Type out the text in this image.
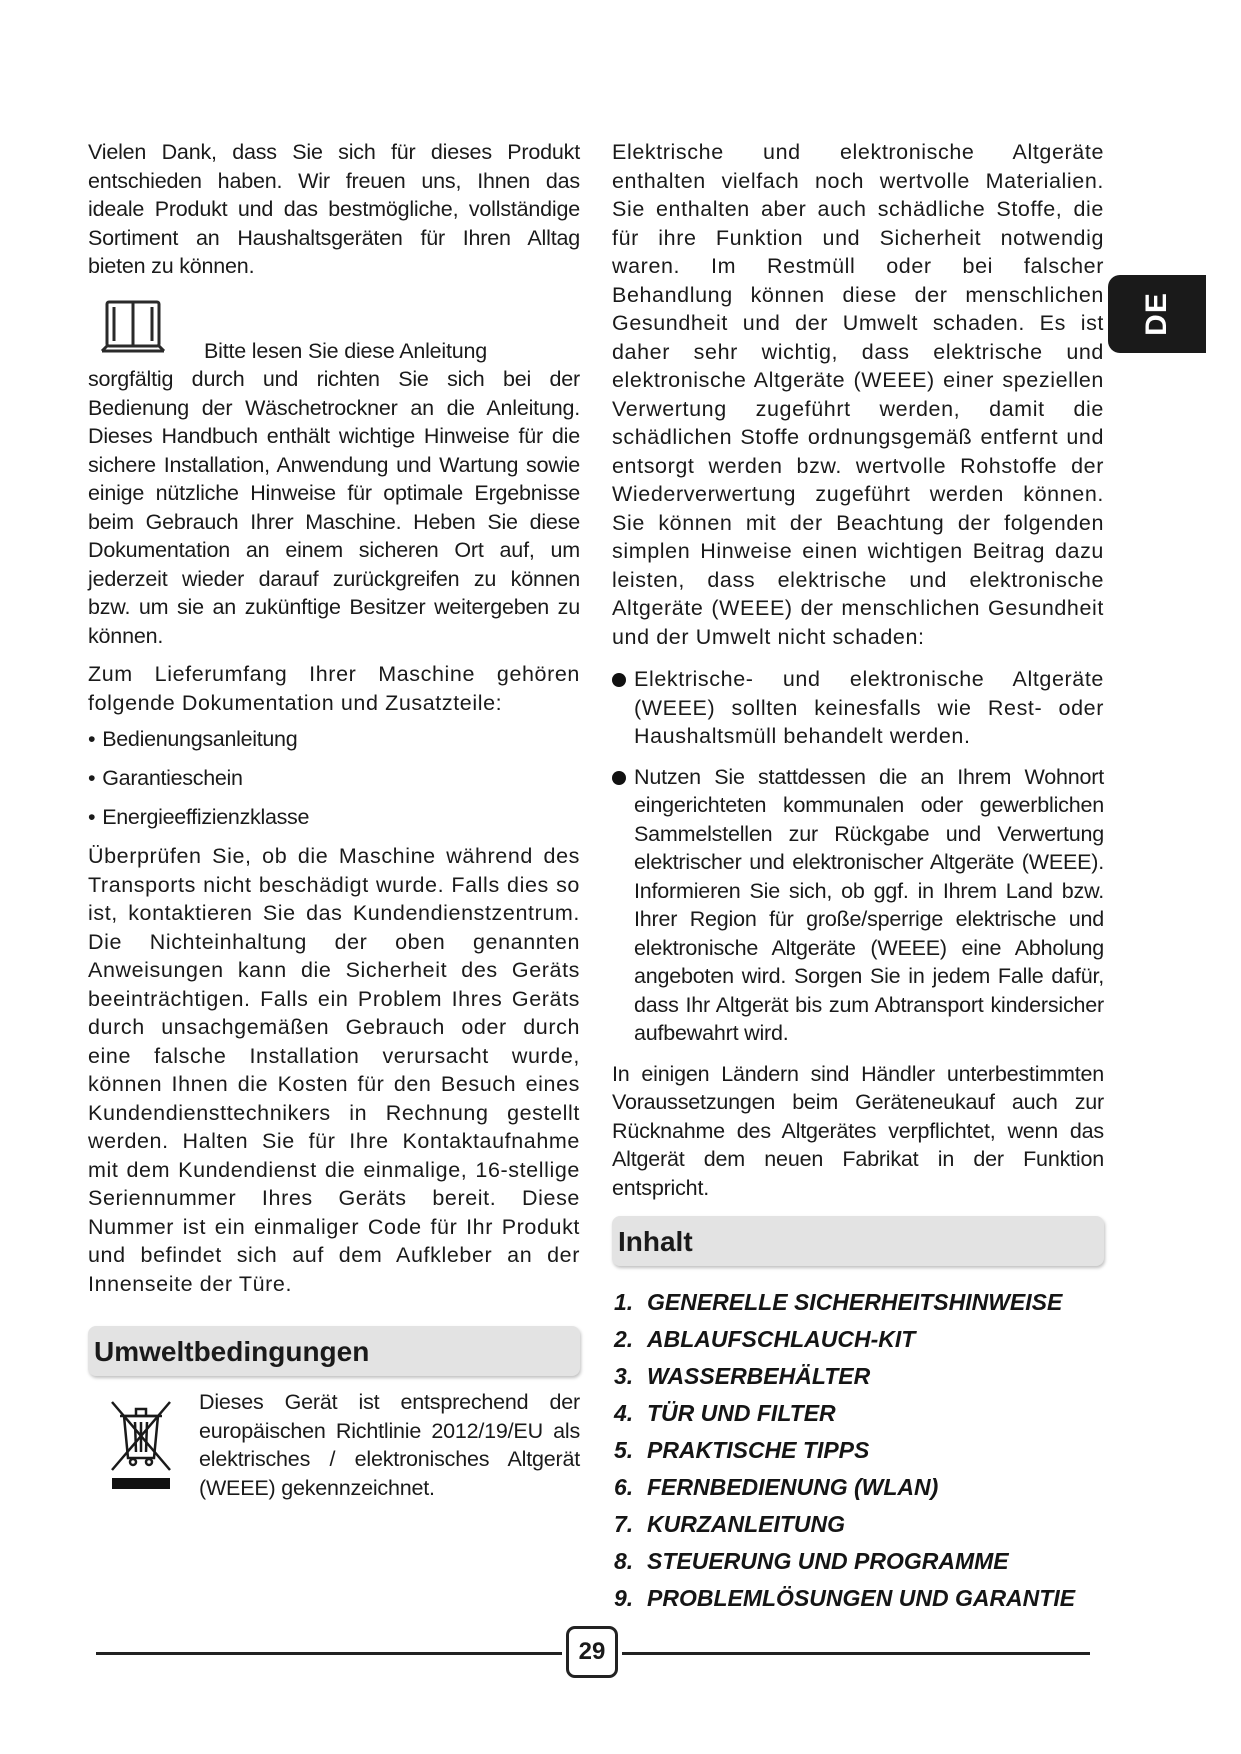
Vielen Dank, dass Sie sich für dieses Produkt entschieden haben. Wir freuen uns, Ihnen das ideale Produkt und das bestmögliche, vollständige Sortiment an Haushaltsgeräten für Ihren Alltag bieten zu können.

Bitte lesen Sie diese Anleitung

sorgfältig durch und richten Sie sich bei der Bedienung der Wäschetrockner an die Anleitung. Dieses Handbuch enthält wichtige Hinweise für die sichere Installation, Anwendung und Wartung sowie einige nützliche Hinweise für optimale Ergebnisse beim Gebrauch Ihrer Maschine. Heben Sie diese Dokumentation an einem sicheren Ort auf, um jederzeit wieder darauf zurückgreifen zu können bzw. um sie an zukünftige Besitzer weitergeben zu können.

Zum Lieferumfang Ihrer Maschine gehören folgende Dokumentation und Zusatzteile:

• Bedienungsanleitung
• Garantieschein
• Energieeffizienzklasse

Überprüfen Sie, ob die Maschine während des Transports nicht beschädigt wurde. Falls dies so ist, kontaktieren Sie das Kundendienstzentrum. Die Nichteinhaltung der oben genannten Anweisungen kann die Sicherheit des Geräts beeinträchtigen. Falls ein Problem Ihres Geräts durch unsachgemäßen Gebrauch oder durch eine falsche Installation verursacht wurde, können Ihnen die Kosten für den Besuch eines Kundendiensttechnikers in Rechnung gestellt werden. Halten Sie für Ihre Kontaktaufnahme mit dem Kundendienst die einmalige, 16-stellige Seriennummer Ihres Geräts bereit. Diese Nummer ist ein einmaliger Code für Ihr Produkt und befindet sich auf dem Aufkleber an der Innenseite der Türe.

Umweltbedingungen

Dieses Gerät ist entsprechend der europäischen Richtlinie 2012/19/EU als elektrisches / elektronisches Altgerät (WEEE) gekennzeichnet.

Elektrische und elektronische Altgeräte enthalten vielfach noch wertvolle Materialien. Sie enthalten aber auch schädliche Stoffe, die für ihre Funktion und Sicherheit notwendig waren. Im Restmüll oder bei falscher Behandlung können diese der menschlichen Gesundheit und der Umwelt schaden. Es ist daher sehr wichtig, dass elektrische und elektronische Altgeräte (WEEE) einer speziellen Verwertung zugeführt werden, damit die schädlichen Stoffe ordnungsgemäß entfernt und entsorgt werden bzw. wertvolle Rohstoffe der Wiederverwertung zugeführt werden können. Sie können mit der Beachtung der folgenden simplen Hinweise einen wichtigen Beitrag dazu leisten, dass elektrische und elektronische Altgeräte (WEEE) der menschlichen Gesundheit und der Umwelt nicht schaden:

Elektrische- und elektronische Altgeräte (WEEE) sollten keinesfalls wie Rest- oder Haushaltsmüll behandelt werden.
Nutzen Sie stattdessen die an Ihrem Wohnort eingerichteten kommunalen oder gewerblichen Sammelstellen zur Rückgabe und Verwertung elektrischer und elektronischer Altgeräte (WEEE). Informieren Sie sich, ob ggf. in Ihrem Land bzw. Ihrer Region für große/sperrige elektrische und elektronische Altgeräte (WEEE) eine Abholung angeboten wird. Sorgen Sie in jedem Falle dafür, dass Ihr Altgerät bis zum Abtransport kindersicher aufbewahrt wird.

In einigen Ländern sind Händler unterbestimmten Voraussetzungen beim Geräteneukauf auch zur Rücknahme des Altgerätes verpflichtet, wenn das Altgerät dem neuen Fabrikat in der Funktion entspricht.

Inhalt
1. GENERELLE SICHERHEITSHINWEISE
2. ABLAUFSCHLAUCH-KIT
3. WASSERBEHÄLTER
4. TÜR UND FILTER
5. PRAKTISCHE TIPPS
6. FERNBEDIENUNG (WLAN)
7. KURZANLEITUNG
8. STEUERUNG UND PROGRAMME
9. PROBLEMLÖSUNGEN UND GARANTIE
DE
29
